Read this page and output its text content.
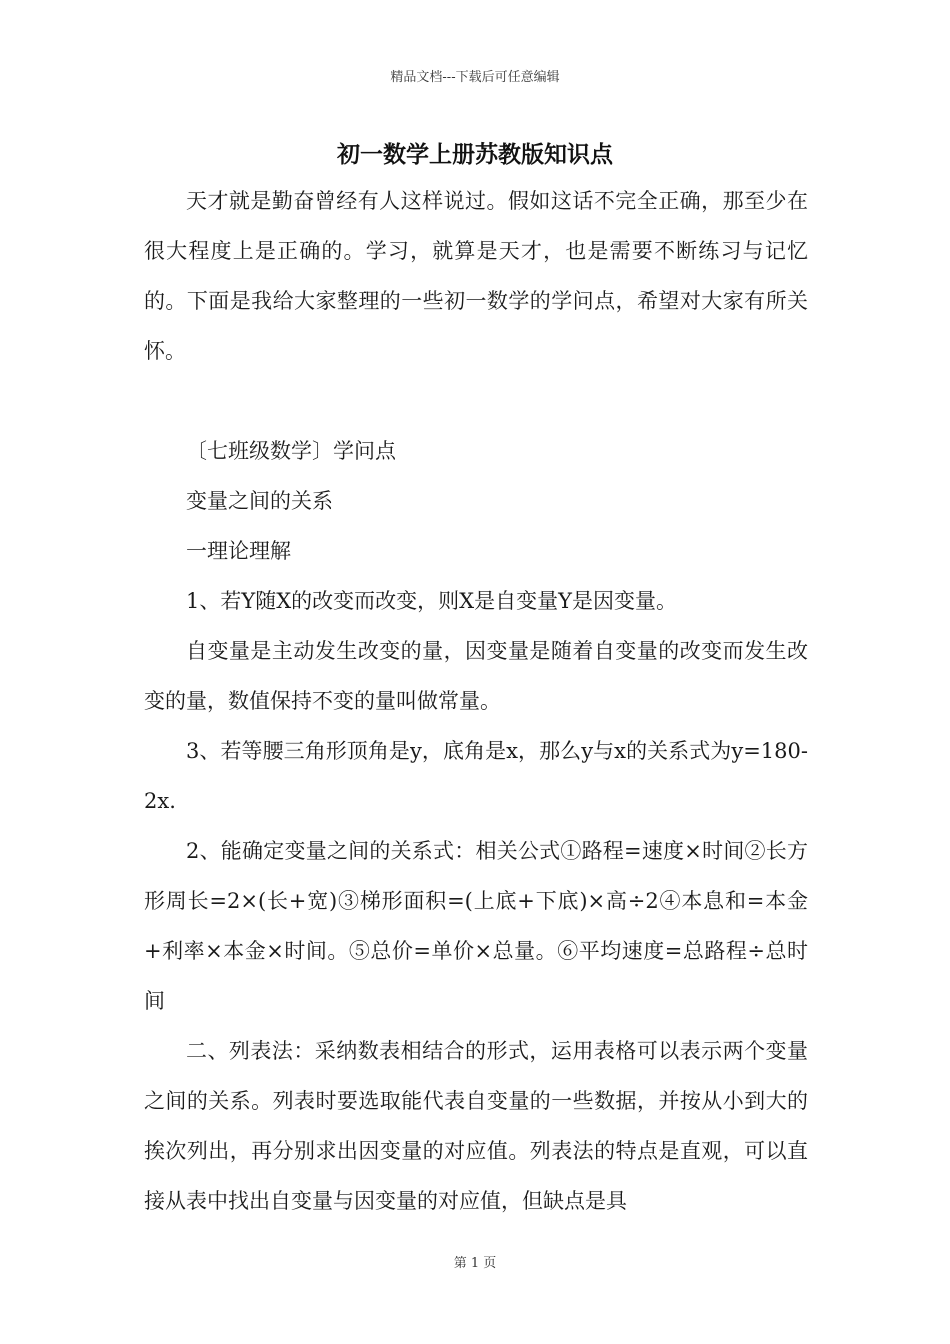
精品文档---下载后可任意编辑
初一数学上册苏教版知识点

天才就是勤奋曾经有人这样说过。假如这话不完全正确，那至少在很大程度上是正确的。学习，就算是天才，也是需要不断练习与记忆的。下面是我给大家整理的一些初一数学的学问点，希望对大家有所关怀。

〔七班级数学〕学问点

变量之间的关系

一理论理解

1、若Y随X的改变而改变，则X是自变量Y是因变量。

自变量是主动发生改变的量，因变量是随着自变量的改变而发生改变的量，数值保持不变的量叫做常量。

3、若等腰三角形顶角是y，底角是x，那么y与x的关系式为y=180-2x.

2、能确定变量之间的关系式：相关公式①路程=速度×时间②长方形周长=2×(长+宽)③梯形面积=(上底+下底)×高÷2④本息和=本金+利率×本金×时间。⑤总价=单价×总量。⑥平均速度=总路程÷总时间

二、列表法：采纳数表相结合的形式，运用表格可以表示两个变量之间的关系。列表时要选取能代表自变量的一些数据，并按从小到大的挨次列出，再分别求出因变量的对应值。列表法的特点是直观，可以直接从表中找出自变量与因变量的对应值，但缺点是具

第 1 页
